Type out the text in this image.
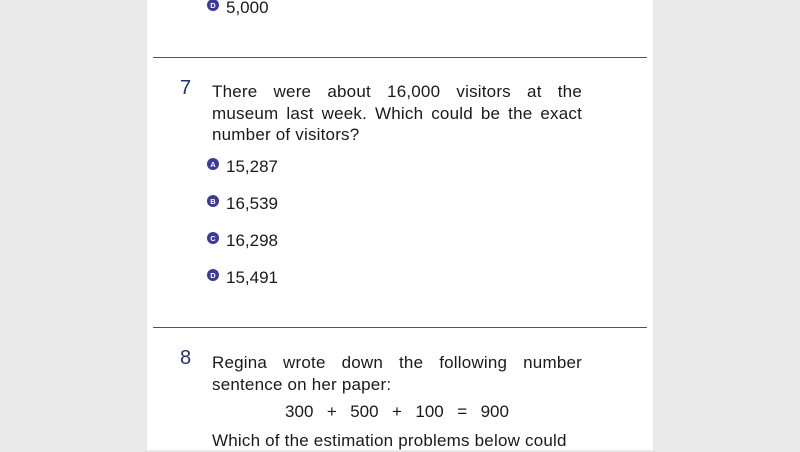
D 5,000
7 There were about 16,000 visitors at the museum last week. Which could be the exact number of visitors?
A 15,287
B 16,539
C 16,298
D 15,491
8 Regina wrote down the following number sentence on her paper:
300  +  500  +  100  =  900
Which of the estimation problems below could
